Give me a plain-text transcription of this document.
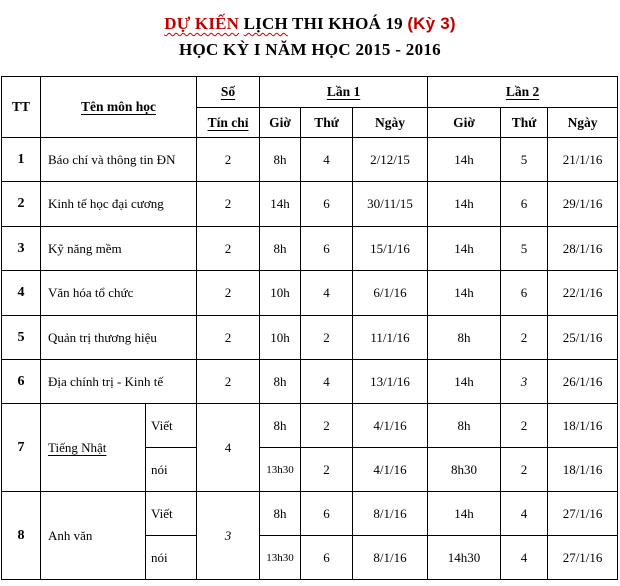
DỰ KIẾN LỊCH THI KHOÁ 19 (Kỳ 3)
HỌC KỲ I NĂM HỌC 2015 - 2016
TT	Tên môn học		Số	Lần 1			Lần 2		
			Tín chỉ	Giờ	Thứ	Ngày	Giờ	Thứ	Ngày
1	Báo chí và thông tin ĐN		2	8h	4	2/12/15	14h	5	21/1/16
2	Kinh tế học đại cương		2	14h	6	30/11/15	14h	6	29/1/16
3	Kỹ năng mềm		2	8h	6	15/1/16	14h	5	28/1/16
4	Văn hóa tổ chức		2	10h	4	6/1/16	14h	6	22/1/16
5	Quản trị thương hiệu		2	10h	2	11/1/16	8h	2	25/1/16
6	Địa chính trị - Kinh tế		2	8h	4	13/1/16	14h	3	26/1/16
7	Tiếng Nhật	Viết	4	8h	2	4/1/16	8h	2	18/1/16
		nói		13h30	2	4/1/16	8h30	2	18/1/16
8	Anh văn	Viết	3	8h	6	8/1/16	14h	4	27/1/16
		nói		13h30	6	8/1/16	14h30	4	27/1/16
